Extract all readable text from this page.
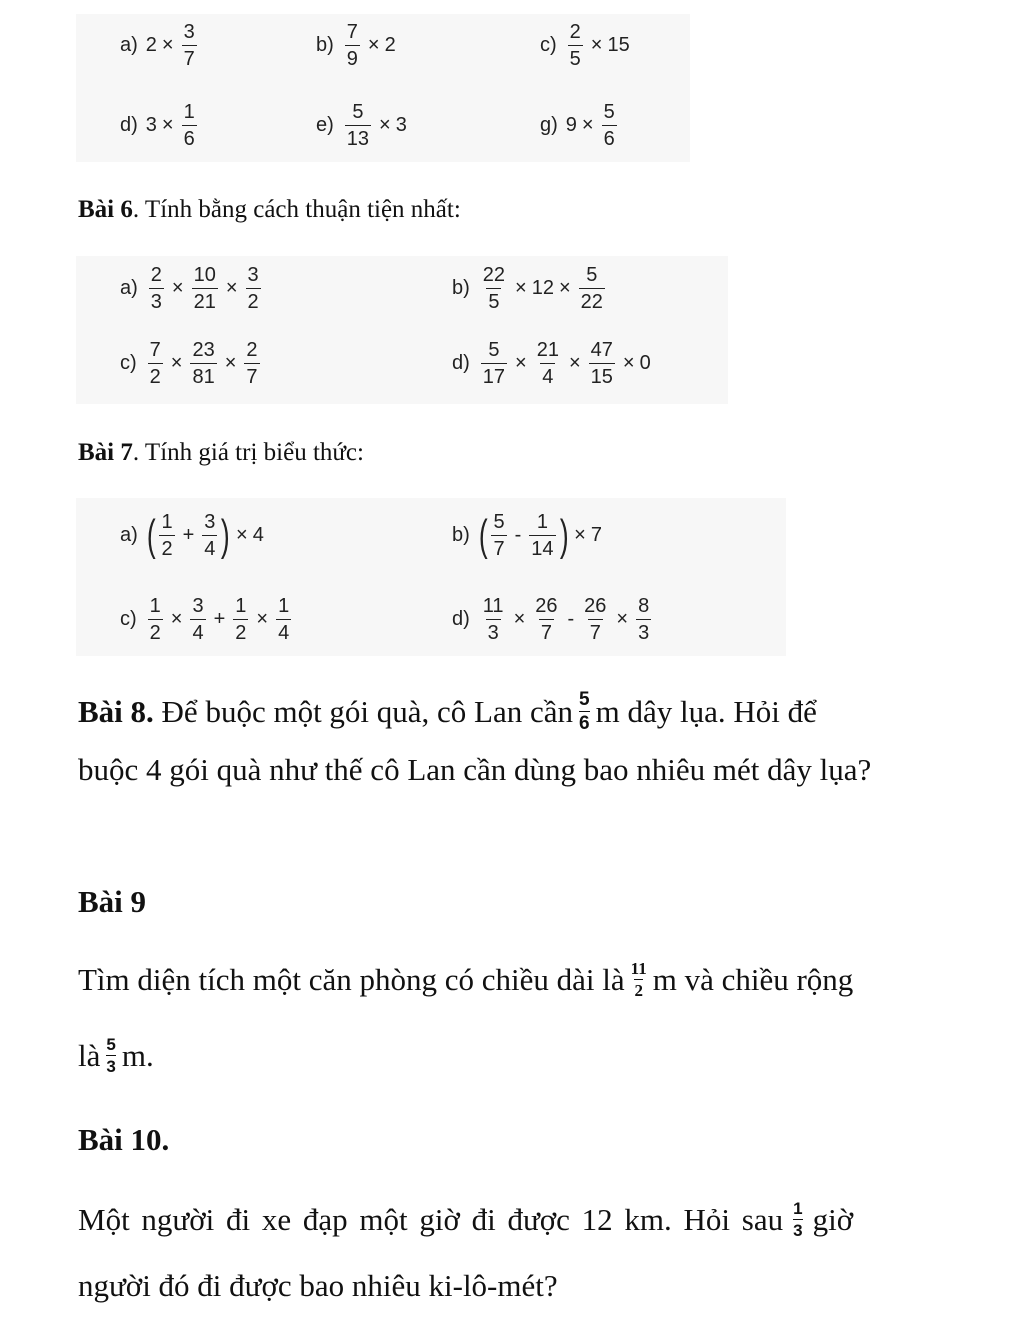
a) $2 \times \frac{3}{7}$	$b) \frac{7}{9} \times 2$	$c) \frac{2}{5} \times 15$
d) $3 \times \frac{1}{6}$	$e) \frac{5}{13} \times 3$	g) $9 \times \frac{5}{6}$
Bài 6. Tính bằng cách thuận tiện nhất:
$a) \frac{2}{3} \times \frac{10}{21} \times \frac{3}{2}$	$b) \frac{22}{5} \times 12 \times \frac{5}{22}$
$c) \frac{7}{2} \times \frac{23}{81} \times \frac{2}{7}$	$d) \frac{5}{17} \times \frac{21}{4} \times \frac{47}{15} \times 0$
Bài 7. Tính giá trị biểu thức:
a) ( $\frac{1}{2} + \frac{3}{4}$ ) × 4	b) ( $\frac{5}{7} - \frac{1}{14}$ ) × 7
$c) \frac{1}{2} \times \frac{3}{4} + \frac{1}{2} \times \frac{1}{4}$	$d) \frac{11}{3} \times \frac{26}{7} - \frac{26}{7} \times \frac{8}{3}$
Bài 8.
Để buộc một gói quà, cô Lan cần $\frac{5}{6}$ m dây lụa. Hỏi để
buộc 4 gói quà như thế cô Lan cần dùng bao nhiêu mét dây lụa?
Bài 9
Tìm diện tích một căn phòng có chiều dài là $\frac{11}{2}$ m và chiều rộng
là $\frac{5}{3} m$.
Bài 10.
Một người đi xe đạp một giờ đi được 12 km. Hỏi sau $\frac{1}{3}$ giờ
người đó đi được bao nhiêu ki-lô-mét?
